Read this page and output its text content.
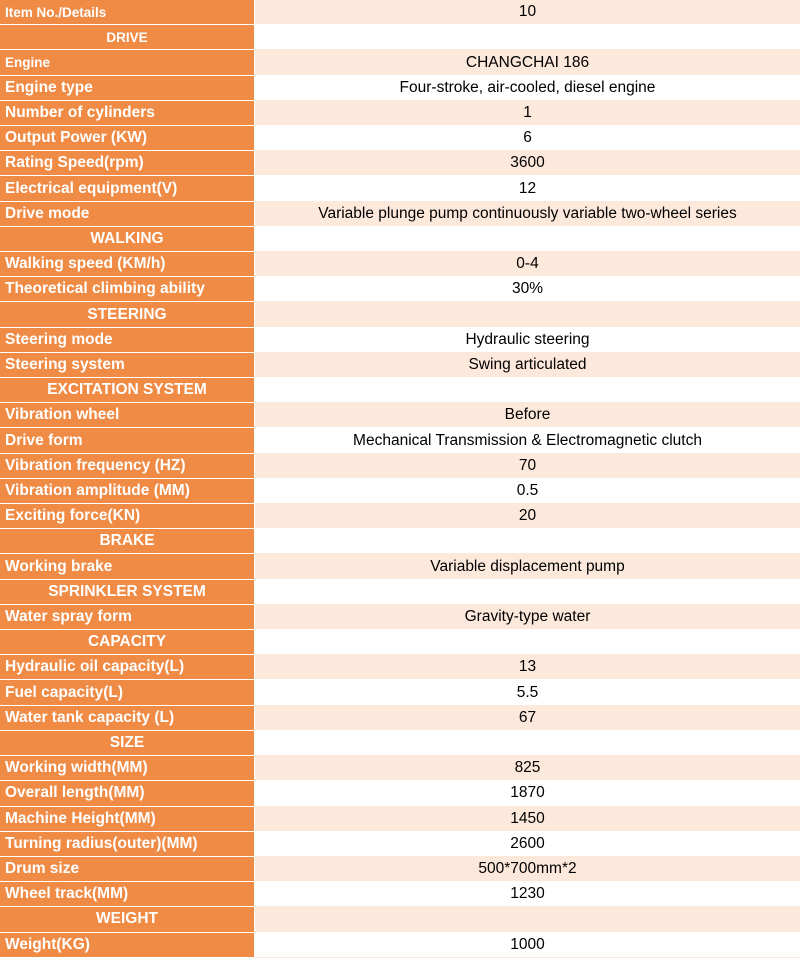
Item No./Details	10
DRIVE
Engine	CHANGCHAI 186
Engine type	Four-stroke, air-cooled, diesel engine
Number of cylinders	1
Output Power (KW)	6
Rating Speed(rpm)	3600
Electrical equipment(V)	12
Drive mode	Variable plunge pump continuously variable two-wheel series
WALKING
Walking speed (KM/h)	0-4
Theoretical climbing ability	30%
STEERING
Steering mode	Hydraulic steering
Steering system	Swing articulated
EXCITATION SYSTEM
Vibration wheel	Before
Drive form	Mechanical Transmission & Electromagnetic clutch
Vibration frequency (HZ)	70
Vibration amplitude (MM)	0.5
Exciting force(KN)	20
BRAKE
Working brake	Variable displacement pump
SPRINKLER SYSTEM
Water spray form	Gravity-type water
CAPACITY
Hydraulic oil capacity(L)	13
Fuel capacity(L)	5.5
Water tank capacity (L)	67
SIZE
Working width(MM)	825
Overall length(MM)	1870
Machine Height(MM)	1450
Turning radius(outer)(MM)	2600
Drum size	500*700mm*2
Wheel track(MM)	1230
WEIGHT
Weight(KG)	1000
